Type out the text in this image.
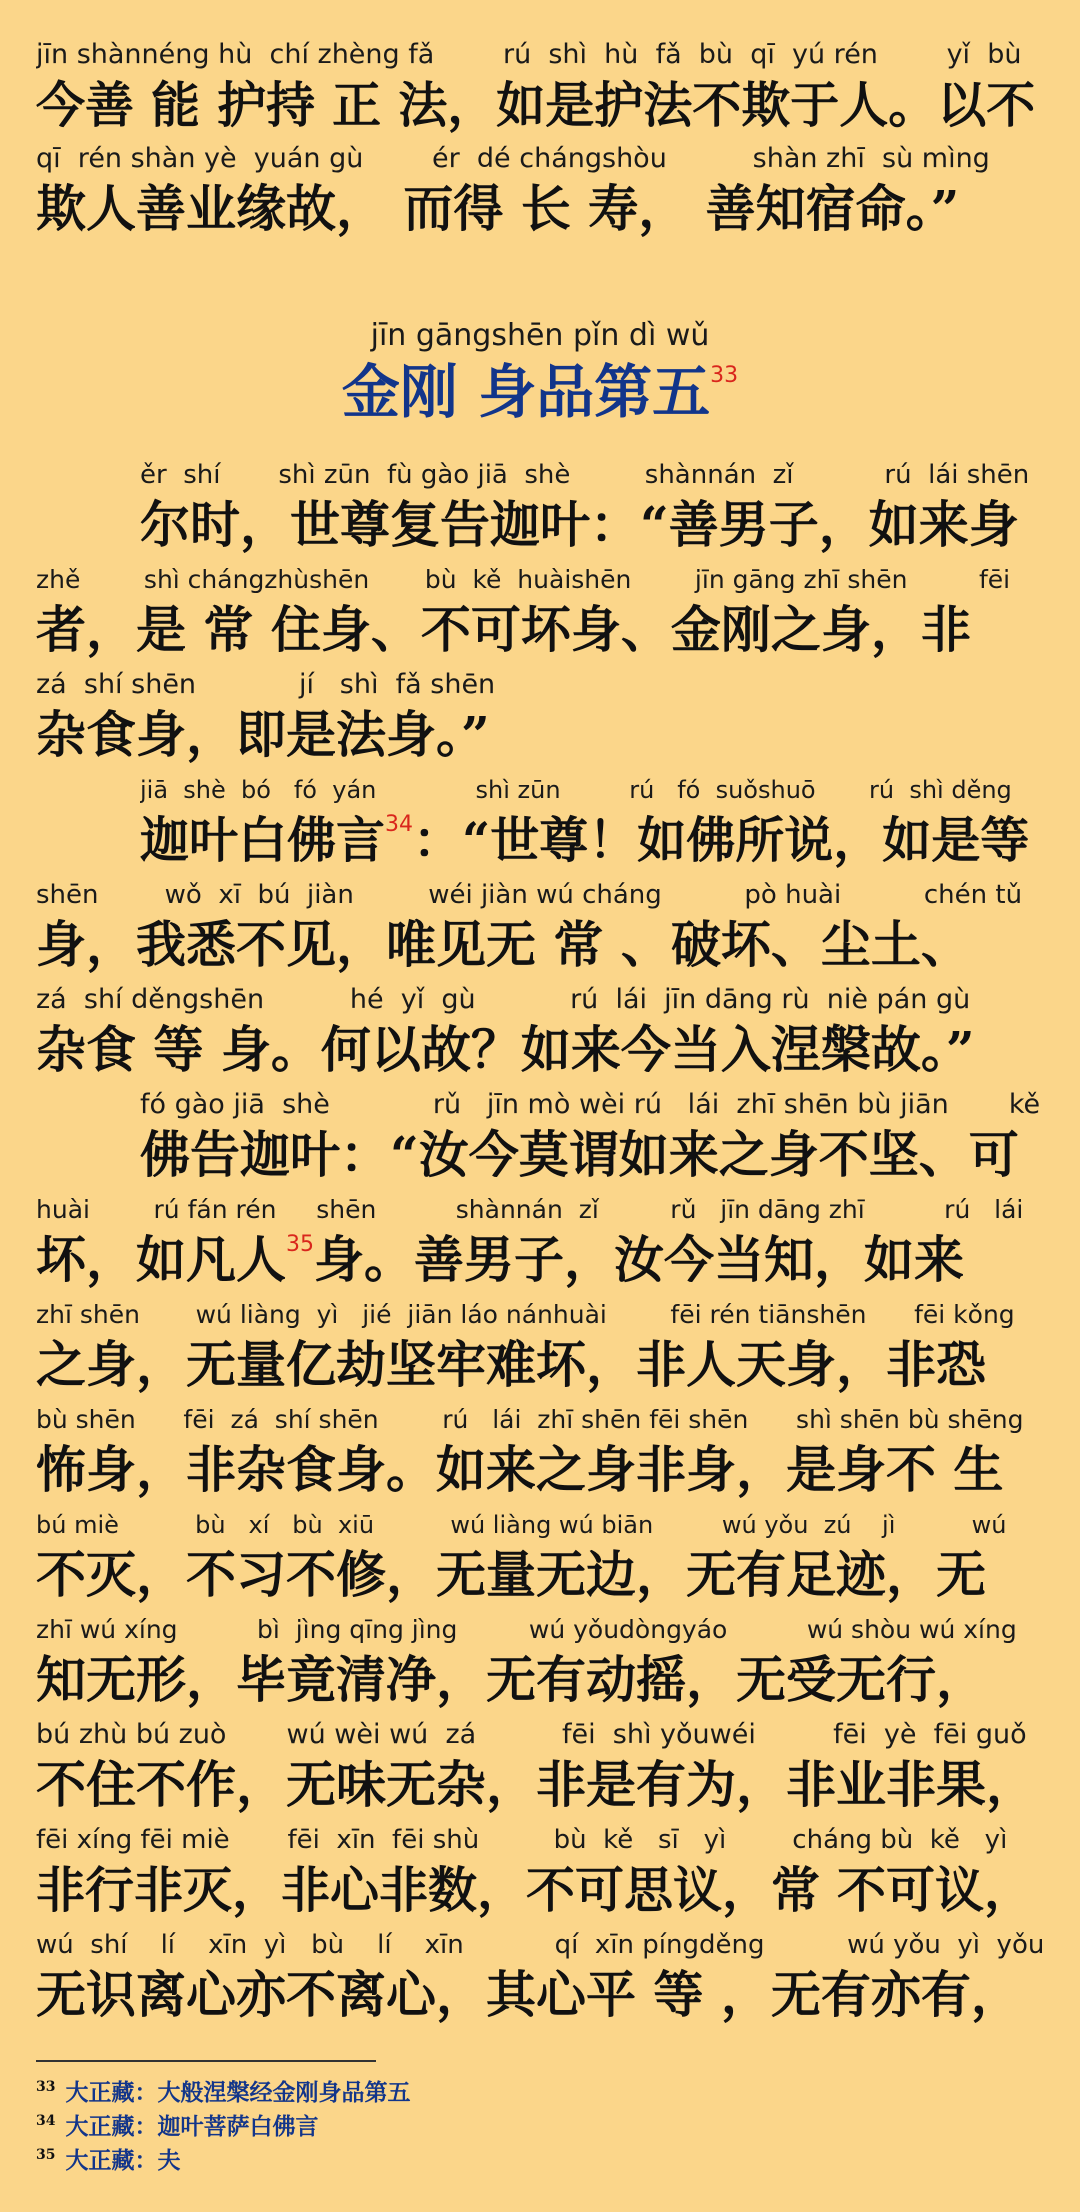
jīn shànnéng hù  chí zhèng fǎ        rú  shì  hù  fǎ  bù  qī  yú rén        yǐ  bù
今善 能 护持 正 法，如是护法不欺于人。以不
qī  rén shàn yè  yuán gù        ér  dé chángshòu          shàn zhī  sù mìng
欺人善业缘故， 而得 长 寿， 善知宿命。”
jīn gāngshēn pǐn dì wǔ
金刚 身品第五$^{33}$
ěr  shí       shì zūn  fù gào jiā  shè         shànnán  zǐ           rú  lái shēn
尔时，世尊复告迦叶：“善男子，如来身
zhě        shì chángzhùshēn       bù  kě  huàishēn        jīn gāng zhī shēn         fēi
者，是 常 住身、不可坏身、金刚之身，非
zá  shí shēn            jí   shì  fǎ shēn
杂食身，即是法身。”
jiā  shè  bó   fó  yán             shì zūn         rú   fó  suǒshuō       rú  shì děng
迦叶白佛言$^{34}$：“世尊！如佛所说，如是等
shēn        wǒ  xī  bú  jiàn         wéi jiàn wú cháng          pò huài          chén tǔ
身，我悉不见，唯见无 常 、破坏、尘土、
zá  shí děngshēn          hé  yǐ  gù           rú  lái  jīn dāng rù  niè pán gù
杂食 等 身。何以故？如来今当入涅槃故。”
fó gào jiā  shè            rǔ   jīn mò wèi rú   lái  zhī shēn bù jiān       kě
佛告迦叶：“汝今莫谓如来之身不坚、可
huài        rú fán rén     shēn          shànnán  zǐ         rǔ   jīn dāng zhī          rú   lái
坏，如凡人$^{35}$身。善男子，汝今当知，如来
zhī shēn       wú liàng  yì   jié  jiān láo nánhuài        fēi rén tiānshēn      fēi kǒng
之身，无量亿劫坚牢难坏，非人天身，非恐
bù shēn      fēi  zá  shí shēn        rú   lái  zhī shēn fēi shēn      shì shēn bù shēng
怖身，非杂食身。如来之身非身，是身不 生
bú miè          bù   xí   bù  xiū          wú liàng wú biān         wú yǒu  zú    jì          wú
不灭，不习不修，无量无边，无有足迹，无
zhī wú xíng          bì  jìng qīng jìng         wú yǒudòngyáo          wú shòu wú xíng
知无形，毕竟清净，无有动摇，无受无行，
bú zhù bú zuò       wú wèi wú  zá          fēi  shì yǒuwéi         fēi  yè  fēi guǒ
不住不作，无味无杂，非是有为，非业非果，
fēi xíng fēi miè       fēi  xīn  fēi shù         bù  kě   sī   yì        cháng bù  kě   yì
非行非灭，非心非数，不可思议，常 不可议，
wú  shí    lí    xīn  yì   bù    lí    xīn           qí  xīn píngděng          wú yǒu  yì  yǒu
无识离心亦不离心，其心平 等 ，无有亦有，
$^{33}$ 大正藏：大般涅槃经金刚身品第五
$^{34}$ 大正藏：迦叶菩萨白佛言
$^{35}$ 大正藏：夫
